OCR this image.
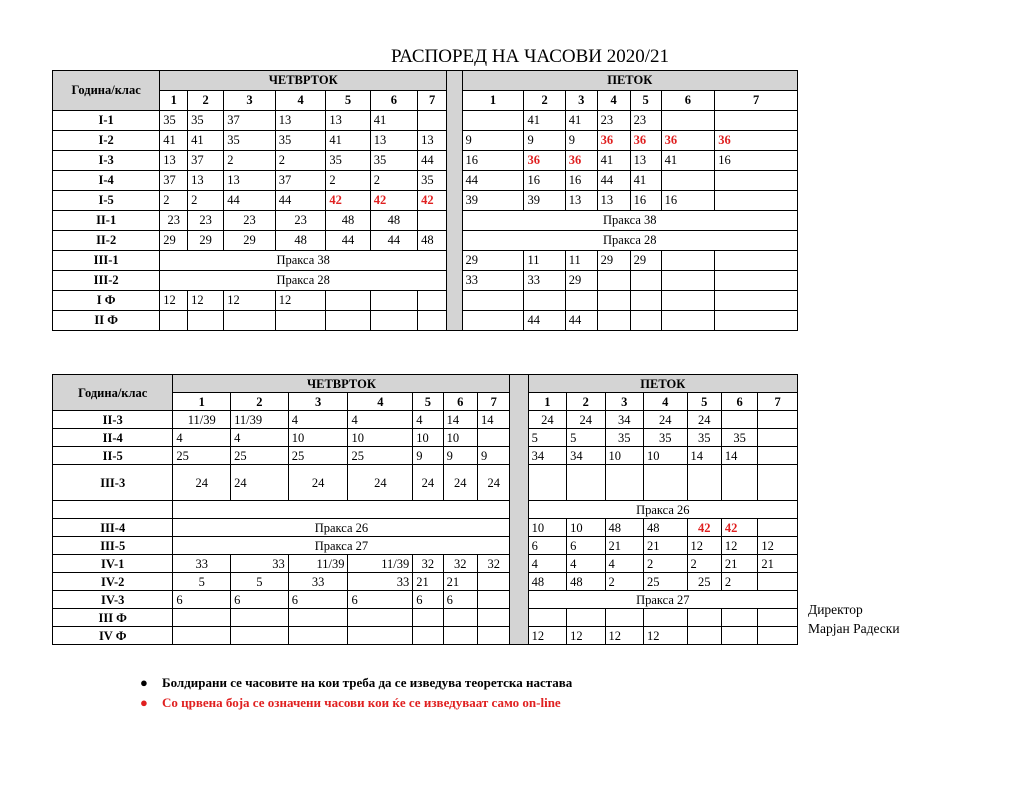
РАСПОРЕД НА ЧАСОВИ 2020/21
Година/клас	ЧЕТВРТОК								ПЕТОК						
	1	2	3	4	5	6	7		1	2	3	4	5	6	7
I-1	35	35	37	13	13	41				41	41	23	23		
I-2	41	41	35	35	41	13	13		9	9	9	36	36	36	36
I-3	13	37	2	2	35	35	44		16	36	36	41	13	41	16
I-4	37	13	13	37	2	2	35		44	16	16	44	41		
I-5	2	2	44	44	42	42	42		39	39	13	13	16	16	
II-1	23	23	23	23	48	48			Пракса 38						
II-2	29	29	29	48	44	44	48		Пракса 28						
III-1	Пракса 38								29	11	11	29	29		
III-2	Пракса 28								33	33	29				
I Ф	12	12	12	12											
II Ф										44	44				
Година/клас	ЧЕТВРТОК								ПЕТОК						
	1	2	3	4	5	6	7		1	2	3	4	5	6	7
II-3	11/39	11/39	4	4	4	14	14		24	24	34	24	24		
II-4	4	4	10	10	10	10			5	5	35	35	35	35	
II-5	25	25	25	25	9	9	9		34	34	10	10	14	14	
III-3	24	24	24	24	24	24	24								
									Пракса 26						
III-4	Пракса 26								10	10	48	48	42	42	
III-5	Пракса 27								6	6	21	21	12	12	12
IV-1	33	33	11/39	11/39	32	32	32		4	4	4	2	2	21	21
IV-2	5	5	33	33	21	21			48	48	2	25	25	2	
IV-3	6	6	6	6	6	6			Пракса 27						
III Ф															
IV Ф									12	12	12	12			
Директор
Марјан Радески
● Болдирани се часовите на кои треба да се изведува теоретска настава
● Со црвена боја се означени часови кои ќе се изведуваат само on-line
